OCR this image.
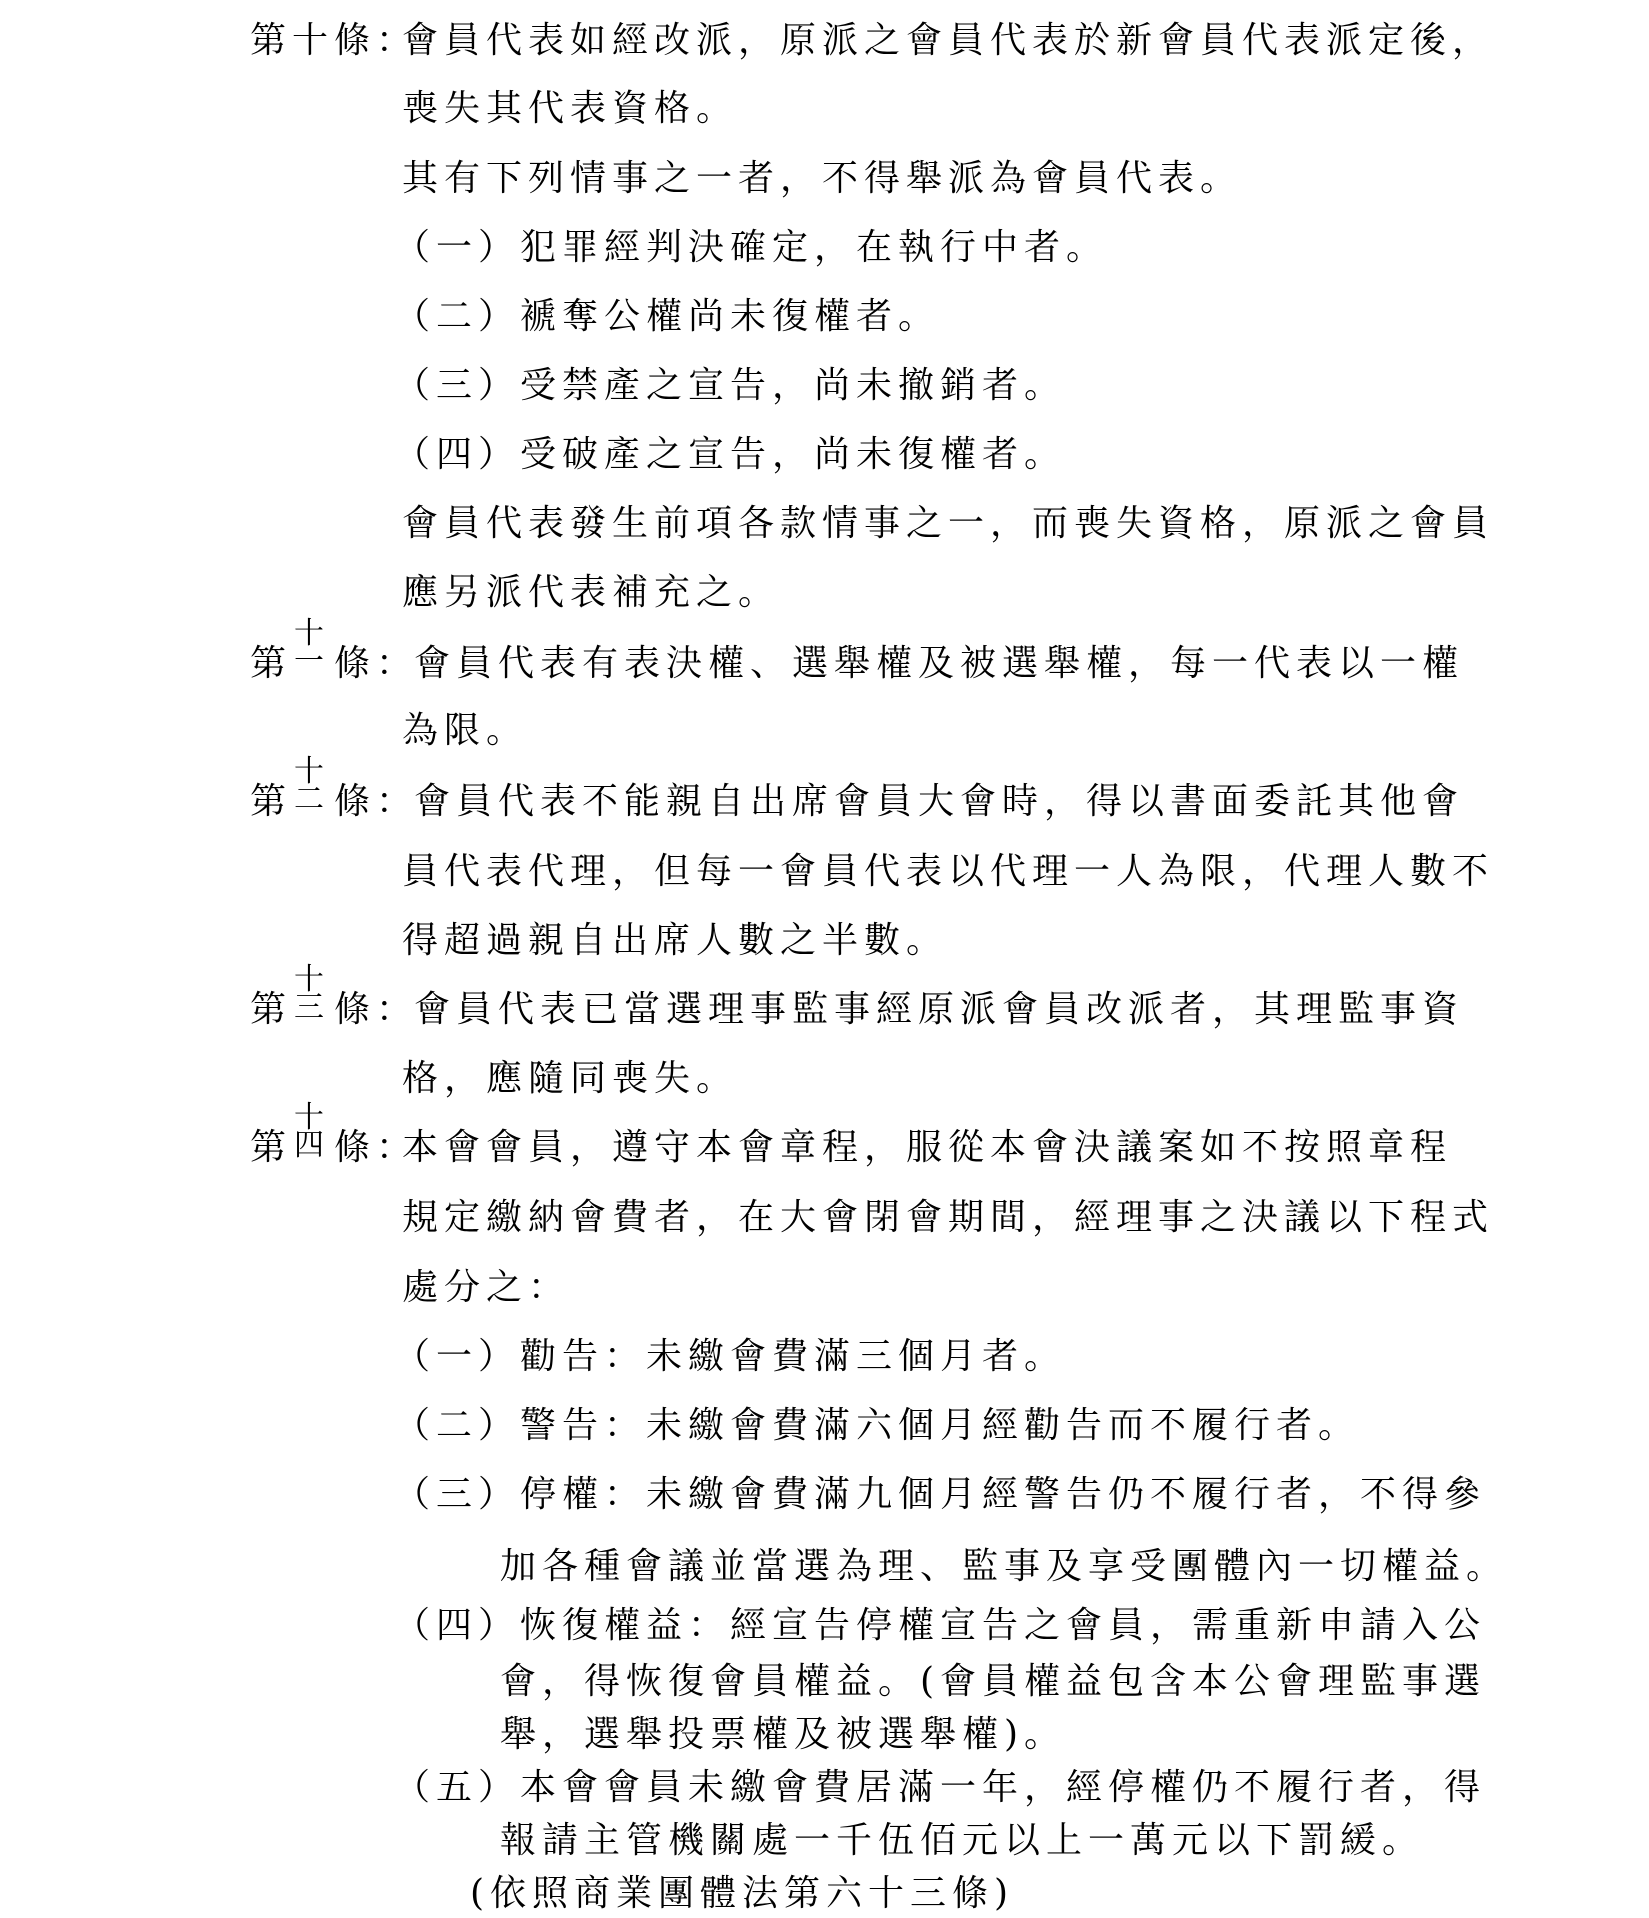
第十條：
會員代表如經改派，原派之會員代表於新會員代表派定後，
喪失其代表資格。
其有下列情事之一者，不得舉派為會員代表。
（一）犯罪經判決確定，在執行中者。
（二）褫奪公權尚未復權者。
（三）受禁產之宣告，尚未撤銷者。
（四）受破產之宣告，尚未復權者。
會員代表發生前項各款情事之一，而喪失資格，原派之會員
應另派代表補充之。
第
十
一 條：
會員代表有表決權、選舉權及被選舉權，每一代表以一權
為限。
第
十
二 條：
會員代表不能親自出席會員大會時，得以書面委託其他會
員代表代理，但每一會員代表以代理一人為限，代理人數不
得超過親自出席人數之半數。
第
十
三 條：
會員代表已當選理事監事經原派會員改派者，其理監事資
格，應隨同喪失。
第
十
四 條：
本會會員，遵守本會章程，服從本會決議案如不按照章程
規定繳納會費者，在大會閉會期間，經理事之決議以下程式
處分之：
（一）勸告：未繳會費滿三個月者。
（二）警告：未繳會費滿六個月經勸告而不履行者。
（三）停權：未繳會費滿九個月經警告仍不履行者，不得參
加各種會議並當選為理、監事及享受團體內一切權益。
（四）恢復權益：經宣告停權宣告之會員，需重新申請入公
會，得恢復會員權益。(會員權益包含本公會理監事選
舉，選舉投票權及被選舉權)。
（五）本會會員未繳會費居滿一年，經停權仍不履行者，得
報請主管機關處一千伍佰元以上一萬元以下罰緩。
(依照商業團體法第六十三條)
